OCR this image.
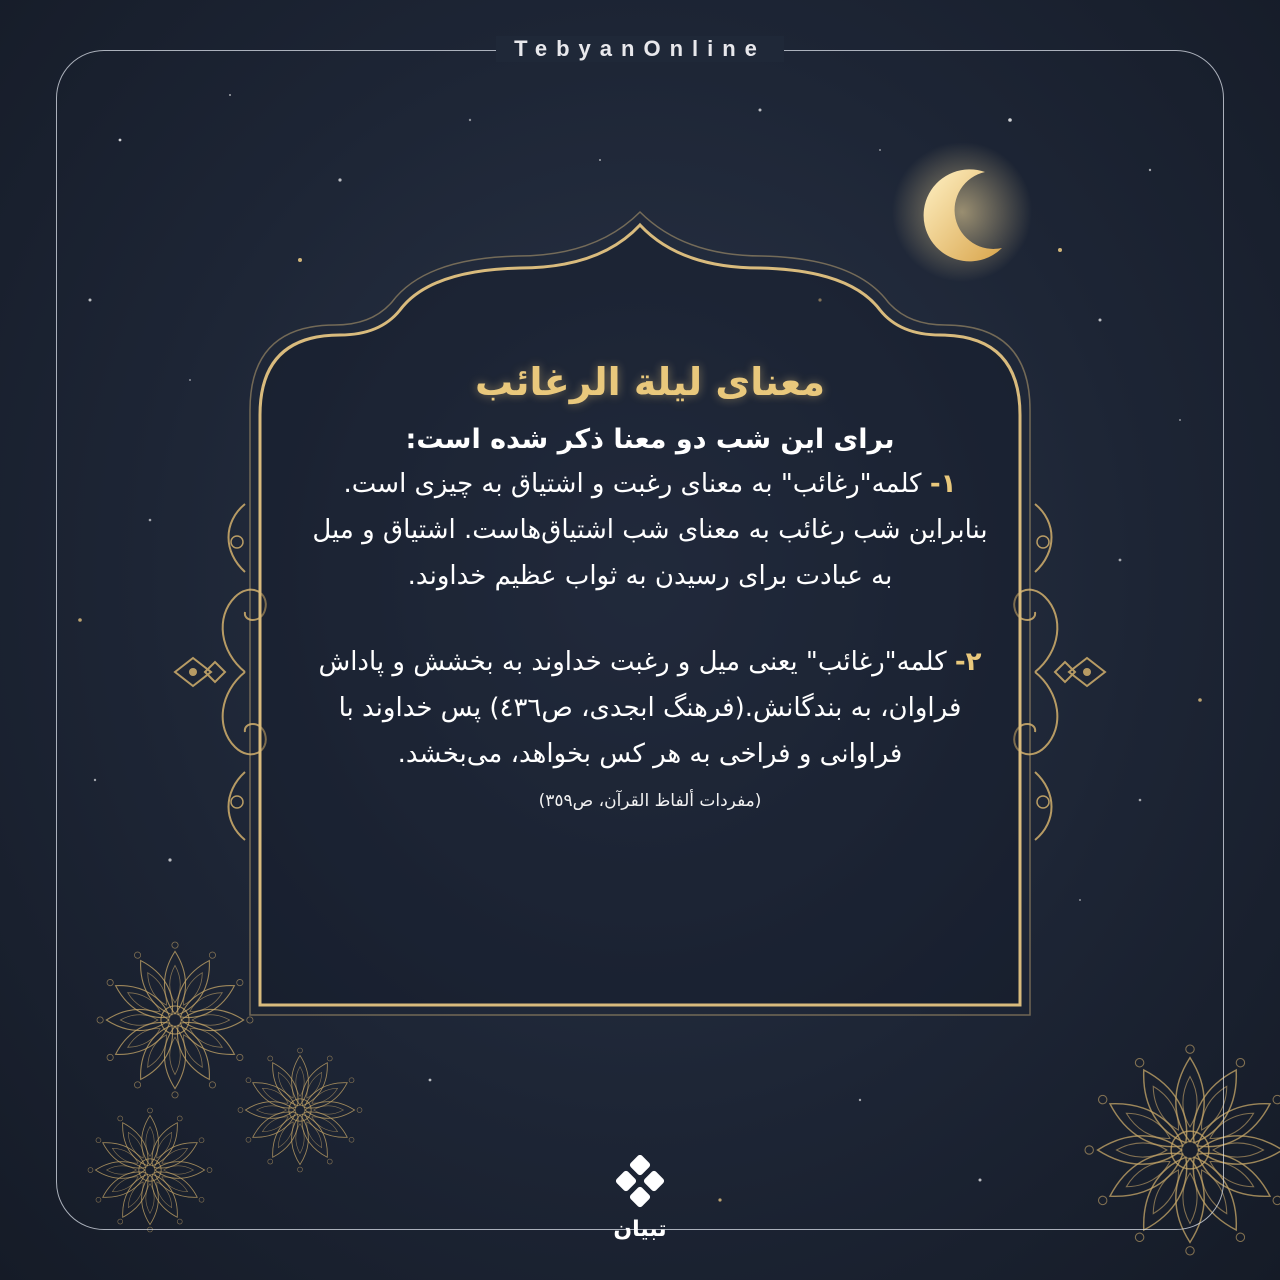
TebyanOnline
معنای لیلة الرغائب
برای این شب دو معنا ذکر شده است:

۱- کلمه"رغائب" به معنای رغبت و اشتیاق به چیزی است. بنابراین شب رغائب به معنای شب اشتیاق‌هاست. اشتیاق و میل به عبادت برای رسیدن به ثواب عظیم خداوند.

۲- کلمه"رغائب" یعنی میل و رغبت خداوند به بخشش و پاداش فراوان، به بندگانش.(فرهنگ ابجدی، ص٤٣٦) پس خداوند با فراوانی و فراخی به هر کس بخواهد، می‌بخشد.

(مفردات ألفاظ القرآن، ص٣٥٩)
تبیان
